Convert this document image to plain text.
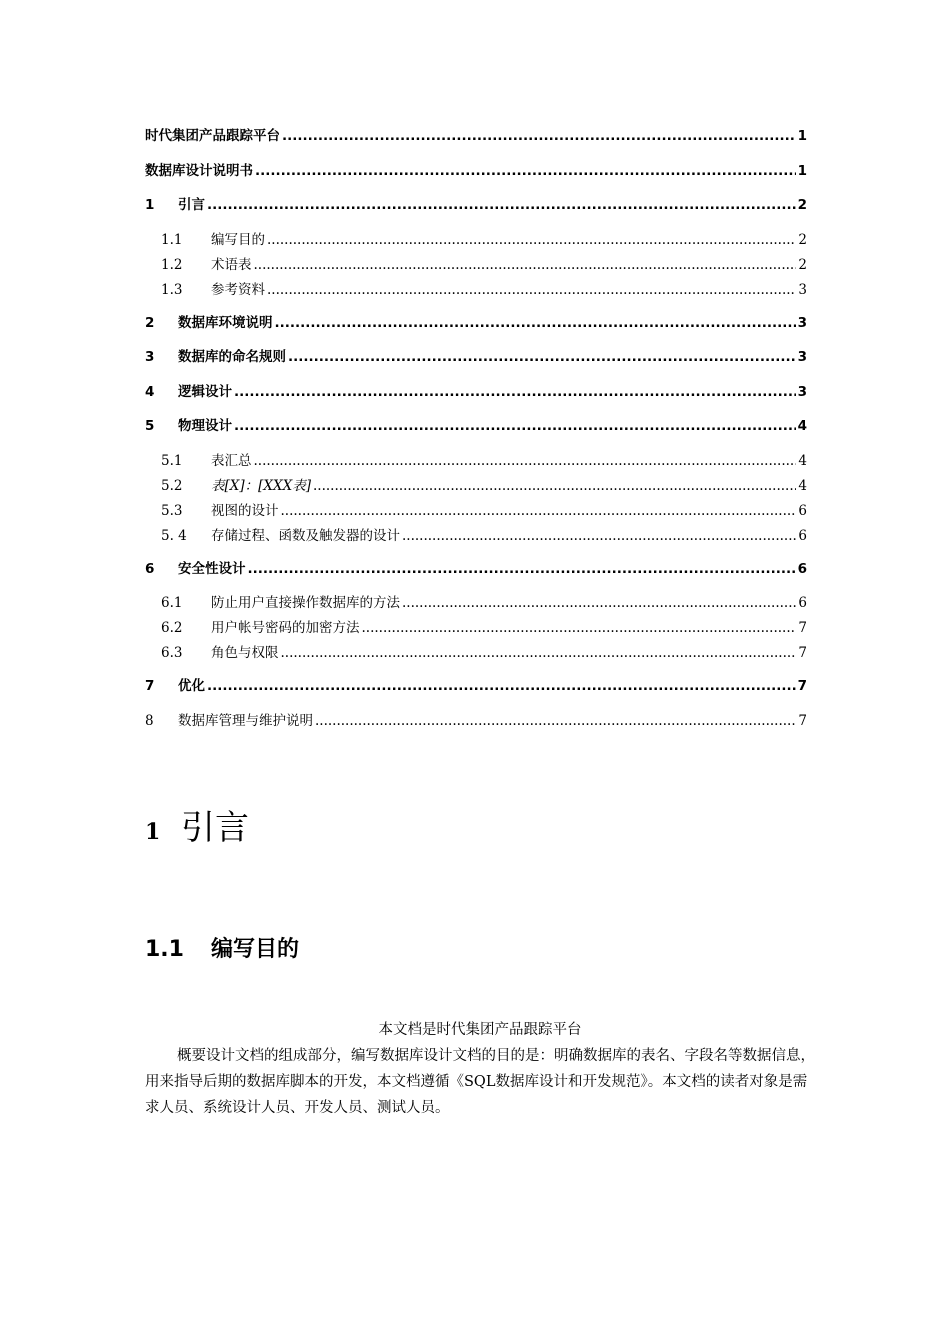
时代集团产品跟踪平台 .....	1
数据库设计说明书 .....	1
1	引言 .....	2
1.1	编写目的 .....	2
1.2	术语表 .....	2
1.3	参考资料 .....	3
2	数据库环境说明 .....	3
3	数据库的命名规则 .....	3
4	逻辑设计 .....	3
5	物理设计 .....	4
5.1	表汇总 .....	4
5.2	表[X]：[XXX表] .....	4
5.3	视图的设计 .....	6
5. 4	存储过程、函数及触发器的设计 .....	6
6	安全性设计 .....	6
6.1	防止用户直接操作数据库的方法 .....	6
6.2	用户帐号密码的加密方法 .....	7
6.3	角色与权限 .....	7
7	优化 .....	7
8	数据库管理与维护说明 .....	7
1 引言
1.1	编写目的
本文档是时代集团产品跟踪平台
概要设计文档的组成部分，编写数据库设计文档的目的是：明确数据库的表名、字段名等数据信息，用来指导后期的数据库脚本的开发，本文档遵循《SQL数据库设计和开发规范》。本文档的读者对象是需求人员、系统设计人员、开发人员、测试人员。
